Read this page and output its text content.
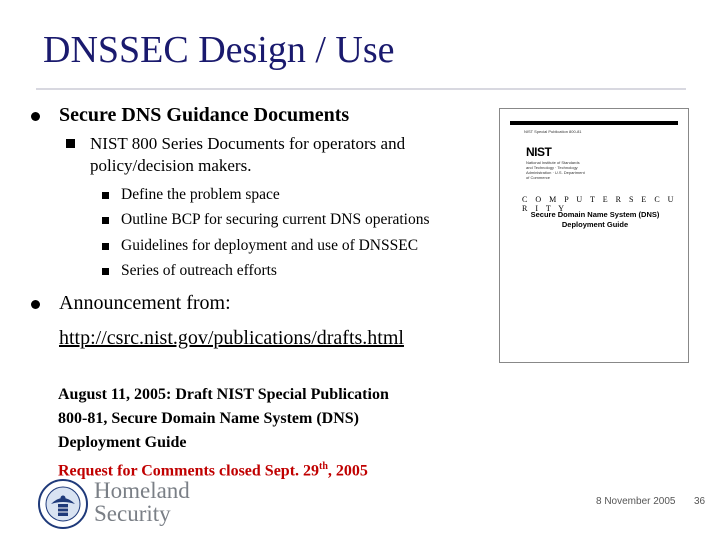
DNSSEC Design / Use
Secure DNS Guidance Documents
NIST 800 Series Documents for operators and
policy/decision makers.
Define the problem space
Outline BCP for securing current DNS operations
Guidelines for deployment and use of DNSSEC
Series of outreach efforts
Announcement from:
http://csrc.nist.gov/publications/drafts.html
August 11, 2005: Draft NIST Special Publication
800-81, Secure Domain Name System (DNS)
Deployment Guide
Request for Comments closed Sept. 29th, 2005
NIST Special Publication 800-81
NIST
National Institute of Standards and Technology · Technology Administration · U.S. Department of Commerce
C O M P U T E R S E C U R I T Y
Secure Domain Name System (DNS)
Deployment Guide
Homeland
Security	8 November 2005 36
